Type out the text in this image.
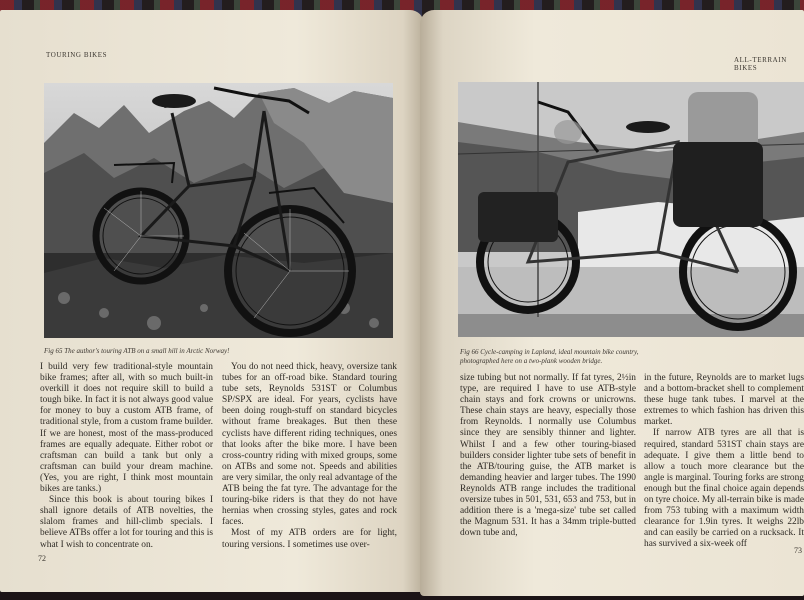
TOURING BIKES
Fig 65 The author's touring ATB on a small hill in Arctic Norway!

I build very few traditional-style mountain bike frames; after all, with so much built-in overkill it does not require skill to build a tough bike. In fact it is not always good value for money to buy a custom ATB frame, of traditional style, from a custom frame builder. If we are honest, most of the mass-produced frames are equally adequate. Either robot or craftsman can build a tank but only a craftsman can build your dream machine. (Yes, you are right, I think most mountain bikes are tanks.)

Since this book is about touring bikes I shall ignore details of ATB novelties, the slalom frames and hill-climb specials. I believe ATBs offer a lot for touring and this is what I wish to concentrate on.

You do not need thick, heavy, oversize tank tubes for an off-road bike. Standard touring tube sets, Reynolds 531ST or Columbus SP/SPX are ideal. For years, cyclists have been doing rough-stuff on standard bicycles without frame breakages. But then these cyclists have different riding techniques, ones that looks after the bike more. I have been cross-country riding with mixed groups, some on ATBs and some not. Speeds and abilities are very similar, the only real advantage of the ATB being the fat tyre. The advantage for the touring-bike riders is that they do not have hernias when crossing styles, gates and rock faces.

Most of my ATB orders are for light, touring versions. I sometimes use over-

72
ALL-TERRAIN BIKES
Fig 66 Cycle-camping in Lapland, ideal mountain bike country,
photographed here on a two-plank wooden bridge.

size tubing but not normally. If fat tyres, 2½in type, are required I have to use ATB-style chain stays and fork crowns or unicrowns. These chain stays are heavy, especially those from Reynolds. I normally use Columbus since they are sensibly thinner and lighter. Whilst I and a few other touring-biased builders consider lighter tube sets of benefit in the ATB/touring guise, the ATB market is demanding heavier and larger tubes. The 1990 Reynolds ATB range includes the traditional oversize tubes in 501, 531, 653 and 753, but in addition there is a 'mega-size' tube set called the Magnum 531. It has a 34mm triple-butted down tube and,

in the future, Reynolds are to market lugs and a bottom-bracket shell to complement these huge tank tubes. I marvel at the extremes to which fashion has driven this market.

If narrow ATB tyres are all that is required, standard 531ST chain stays are adequate. I give them a little bend to allow a touch more clearance but the angle is marginal. Touring forks are strong enough but the final choice again depends on tyre choice. My all-terrain bike is made from 753 tubing with a maximum width clearance for 1.9in tyres. It weighs 22lb and can easily be carried on a rucksack. It has survived a six-week off

73
